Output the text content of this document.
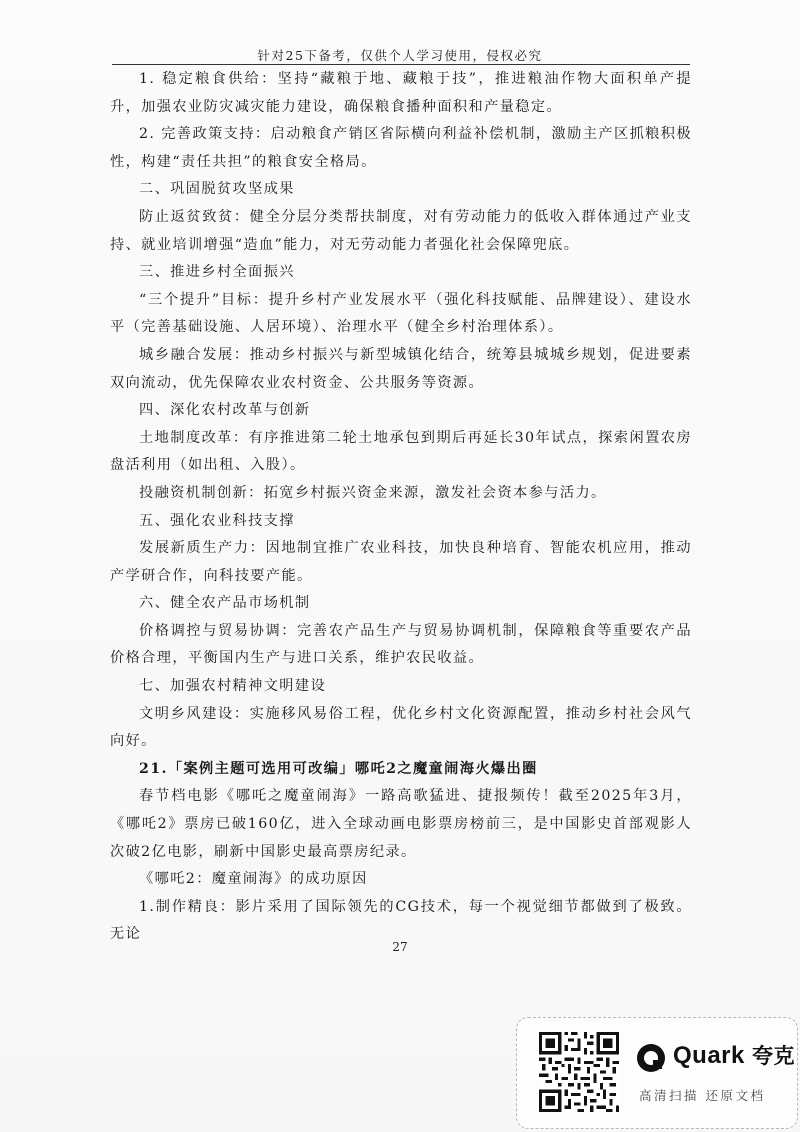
针对25下备考，仅供个人学习使用，侵权必究

1. 稳定粮食供给：坚持“藏粮于地、藏粮于技”，推进粮油作物大面积单产提升，加强农业防灾减灾能力建设，确保粮食播种面积和产量稳定。

2. 完善政策支持：启动粮食产销区省际横向利益补偿机制，激励主产区抓粮积极性，构建“责任共担”的粮食安全格局。

二、巩固脱贫攻坚成果

防止返贫致贫：健全分层分类帮扶制度，对有劳动能力的低收入群体通过产业支持、就业培训增强“造血”能力，对无劳动能力者强化社会保障兜底。

三、推进乡村全面振兴

“三个提升”目标：提升乡村产业发展水平（强化科技赋能、品牌建设）、建设水平（完善基础设施、人居环境）、治理水平（健全乡村治理体系）。

城乡融合发展：推动乡村振兴与新型城镇化结合，统筹县城城乡规划，促进要素双向流动，优先保障农业农村资金、公共服务等资源。

四、深化农村改革与创新

土地制度改革：有序推进第二轮土地承包到期后再延长30年试点，探索闲置农房盘活利用（如出租、入股）。

投融资机制创新：拓宽乡村振兴资金来源，激发社会资本参与活力。

五、强化农业科技支撑

发展新质生产力：因地制宜推广农业科技，加快良种培育、智能农机应用，推动产学研合作，向科技要产能。

六、健全农产品市场机制

价格调控与贸易协调：完善农产品生产与贸易协调机制，保障粮食等重要农产品价格合理，平衡国内生产与进口关系，维护农民收益。

七、加强农村精神文明建设

文明乡风建设：实施移风易俗工程，优化乡村文化资源配置，推动乡村社会风气向好。

21.「案例主题可选用可改编」哪吒2之魔童闹海火爆出圈

春节档电影《哪吒之魔童闹海》一路高歌猛进、捷报频传！截至2025年3月，《哪吒2》票房已破160亿，进入全球动画电影票房榜前三，是中国影史首部观影人次破2亿电影，刷新中国影史最高票房纪录。

《哪吒2：魔童闹海》的成功原因

1.制作精良：影片采用了国际领先的CG技术，每一个视觉细节都做到了极致。无论

27
Quark 夸克
高清扫描 还原文档
